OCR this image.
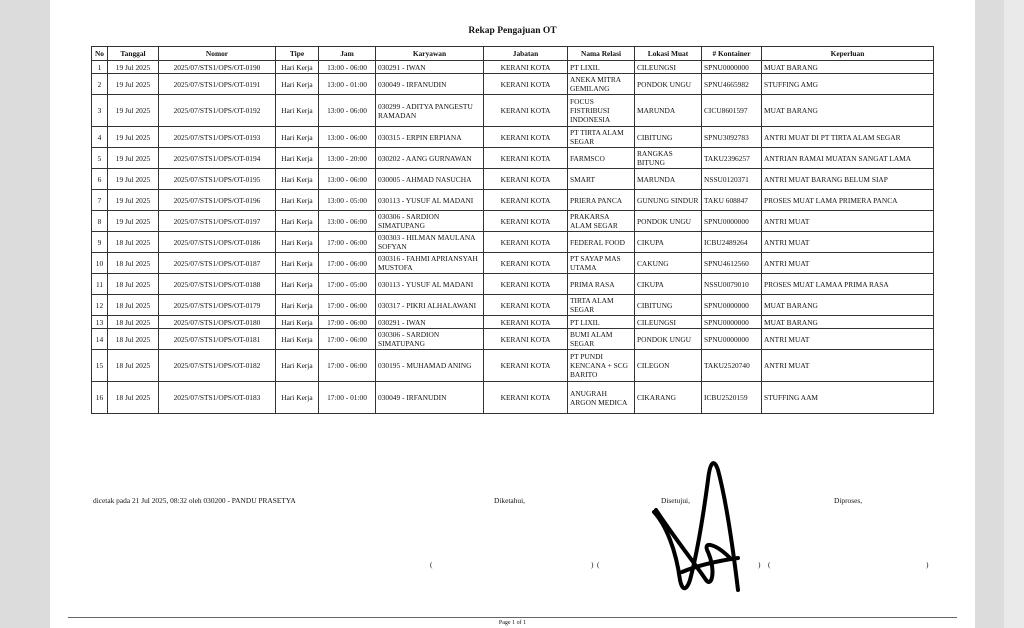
Rekap Pengajuan OT
No	Tanggal	Nomor	Tipe	Jam	Karyawan	Jabatan	Nama Relasi	Lokasi Muat	# Kontainer	Keperluan
1	19 Jul 2025	2025/07/STS1/OPS/OT-0190	Hari Kerja	13:00 - 06:00	030291 - IWAN	KERANI KOTA	PT LIXIL	CILEUNGSI	SPNU0000000	MUAT BARANG
2	19 Jul 2025	2025/07/STS1/OPS/OT-0191	Hari Kerja	13:00 - 01:00	030049 - IRFANUDIN	KERANI KOTA	ANEKA MITRA GEMILANG	PONDOK UNGU	SPNU4665982	STUFFING AMG
3	19 Jul 2025	2025/07/STS1/OPS/OT-0192	Hari Kerja	13:00 - 06:00	030299 - ADITYA PANGESTU RAMADAN	KERANI KOTA	FOCUS FISTRIBUSI INDONESIA	MARUNDA	CICU8601597	MUAT BARANG
4	19 Jul 2025	2025/07/STS1/OPS/OT-0193	Hari Kerja	13:00 - 06:00	030315 - ERPIN ERPIANA	KERANI KOTA	PT TIRTA ALAM SEGAR	CIBITUNG	SPNU3092783	ANTRI MUAT DI PT TIRTA ALAM SEGAR
5	19 Jul 2025	2025/07/STS1/OPS/OT-0194	Hari Kerja	13:00 - 20:00	030202 - AANG GURNAWAN	KERANI KOTA	FARMSCO	RANGKAS BITUNG	TAKU2396257	ANTRIAN RAMAI MUATAN SANGAT LAMA
6	19 Jul 2025	2025/07/STS1/OPS/OT-0195	Hari Kerja	13:00 - 06:00	030005 - AHMAD NASUCHA	KERANI KOTA	SMART	MARUNDA	NSSU0120371	ANTRI MUAT BARANG BELUM SIAP
7	19 Jul 2025	2025/07/STS1/OPS/OT-0196	Hari Kerja	13:00 - 05:00	030113 - YUSUF AL MADANI	KERANI KOTA	PRIERA PANCA	GUNUNG SINDUR	TAKU 608847	PROSES MUAT LAMA PRIMERA PANCA
8	19 Jul 2025	2025/07/STS1/OPS/OT-0197	Hari Kerja	13:00 - 06:00	030306 - SARDION SIMATUPANG	KERANI KOTA	PRAKARSA ALAM SEGAR	PONDOK UNGU	SPNU0000000	ANTRI MUAT
9	18 Jul 2025	2025/07/STS1/OPS/OT-0186	Hari Kerja	17:00 - 06:00	030303 - HILMAN MAULANA SOFYAN	KERANI KOTA	FEDERAL FOOD	CIKUPA	ICBU2489264	ANTRI MUAT
10	18 Jul 2025	2025/07/STS1/OPS/OT-0187	Hari Kerja	17:00 - 06:00	030316 - FAHMI APRIANSYAH MUSTOFA	KERANI KOTA	PT SAYAP MAS UTAMA	CAKUNG	SPNU4612560	ANTRI MUAT
11	18 Jul 2025	2025/07/STS1/OPS/OT-0188	Hari Kerja	17:00 - 05:00	030113 - YUSUF AL MADANI	KERANI KOTA	PRIMA RASA	CIKUPA	NSSU0079010	PROSES MUAT LAMAA PRIMA RASA
12	18 Jul 2025	2025/07/STS1/OPS/OT-0179	Hari Kerja	17:00 - 06:00	030317 - PIKRI ALHALAWANI	KERANI KOTA	TIRTA ALAM SEGAR	CIBITUNG	SPNU0000000	MUAT BARANG
13	18 Jul 2025	2025/07/STS1/OPS/OT-0180	Hari Kerja	17:00 - 06:00	030291 - IWAN	KERANI KOTA	PT LIXIL	CILEUNGSI	SPNU0000000	MUAT BARANG
14	18 Jul 2025	2025/07/STS1/OPS/OT-0181	Hari Kerja	17:00 - 06:00	030306 - SARDION SIMATUPANG	KERANI KOTA	BUMI ALAM SEGAR	PONDOK UNGU	SPNU0000000	ANTRI MUAT
15	18 Jul 2025	2025/07/STS1/OPS/OT-0182	Hari Kerja	17:00 - 06:00	030195 - MUHAMAD ANING	KERANI KOTA	PT PUNDI KENCANA + SCG BARITO	CILEGON	TAKU2520740	ANTRI MUAT
16	18 Jul 2025	2025/07/STS1/OPS/OT-0183	Hari Kerja	17:00 - 01:00	030049 - IRFANUDIN	KERANI KOTA	ANUGRAH ARGON MEDICA	CIKARANG	ICBU2520159	STUFFING AAM
dicetak pada 21 Jul 2025, 08:32 oleh 030200 - PANDU PRASETYA	Diketahui,	Disetujui,	Diproses,
(	) (	) (	)
Page 1 of 1
